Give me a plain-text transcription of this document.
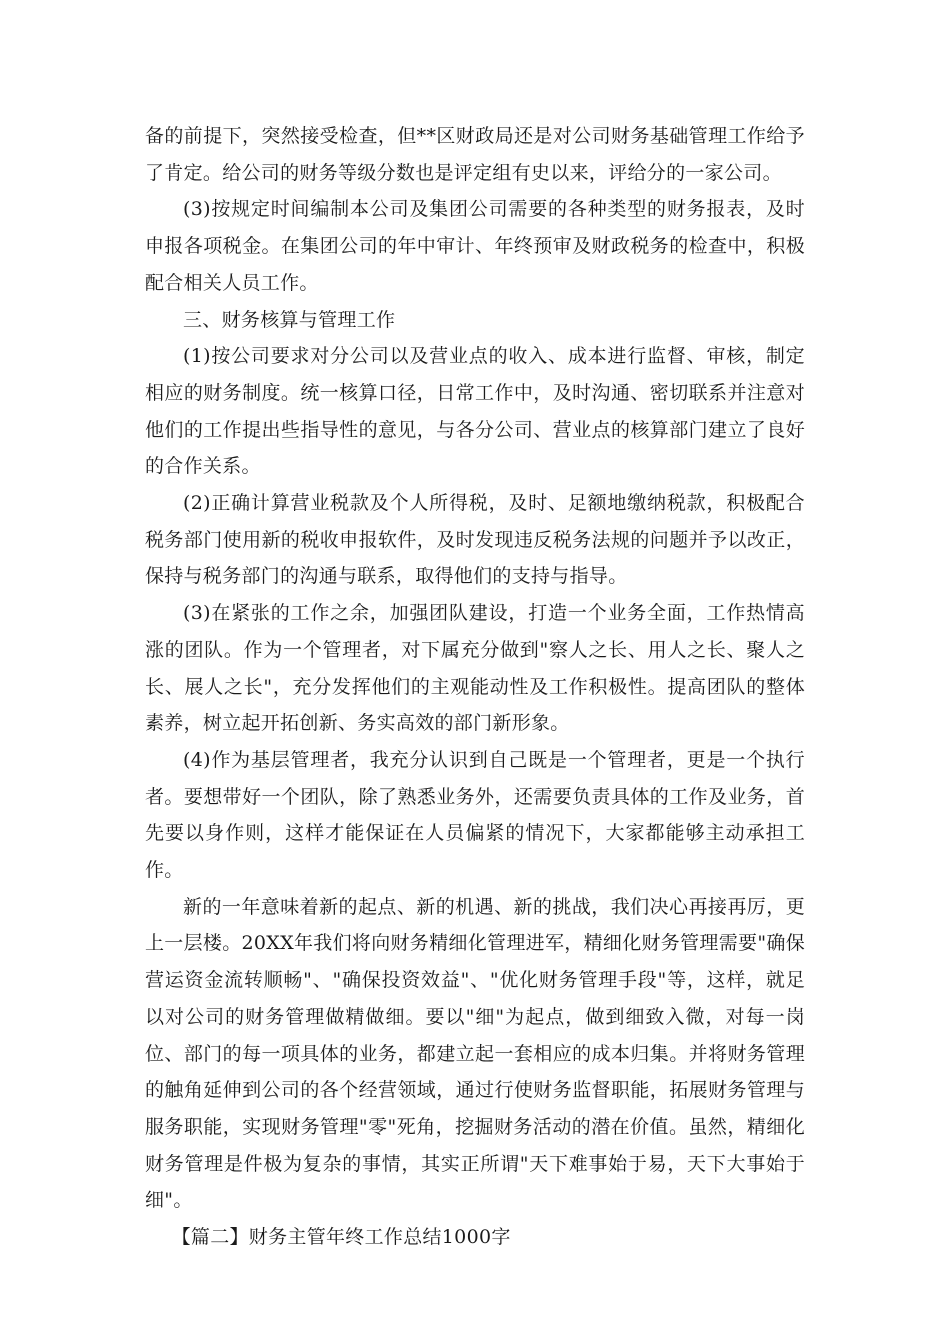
备的前提下，突然接受检查，但**区财政局还是对公司财务基础管理工作给予了肯定。给公司的财务等级分数也是评定组有史以来，评给分的一家公司。

(3)按规定时间编制本公司及集团公司需要的各种类型的财务报表，及时申报各项税金。在集团公司的年中审计、年终预审及财政税务的检查中，积极配合相关人员工作。

三、财务核算与管理工作

(1)按公司要求对分公司以及营业点的收入、成本进行监督、审核，制定相应的财务制度。统一核算口径，日常工作中，及时沟通、密切联系并注意对他们的工作提出些指导性的意见，与各分公司、营业点的核算部门建立了良好的合作关系。

(2)正确计算营业税款及个人所得税，及时、足额地缴纳税款，积极配合税务部门使用新的税收申报软件，及时发现违反税务法规的问题并予以改正，保持与税务部门的沟通与联系，取得他们的支持与指导。

(3)在紧张的工作之余，加强团队建设，打造一个业务全面，工作热情高涨的团队。作为一个管理者，对下属充分做到"察人之长、用人之长、聚人之长、展人之长"，充分发挥他们的主观能动性及工作积极性。提高团队的整体素养，树立起开拓创新、务实高效的部门新形象。

(4)作为基层管理者，我充分认识到自己既是一个管理者，更是一个执行者。要想带好一个团队，除了熟悉业务外，还需要负责具体的工作及业务，首先要以身作则，这样才能保证在人员偏紧的情况下，大家都能够主动承担工作。

新的一年意味着新的起点、新的机遇、新的挑战，我们决心再接再厉，更上一层楼。20XX年我们将向财务精细化管理进军，精细化财务管理需要"确保营运资金流转顺畅"、"确保投资效益"、"优化财务管理手段"等，这样，就足以对公司的财务管理做精做细。要以"细"为起点，做到细致入微，对每一岗位、部门的每一项具体的业务，都建立起一套相应的成本归集。并将财务管理的触角延伸到公司的各个经营领域，通过行使财务监督职能，拓展财务管理与服务职能，实现财务管理"零"死角，挖掘财务活动的潜在价值。虽然，精细化财务管理是件极为复杂的事情，其实正所谓"天下难事始于易，天下大事始于细"。

【篇二】财务主管年终工作总结1000字
